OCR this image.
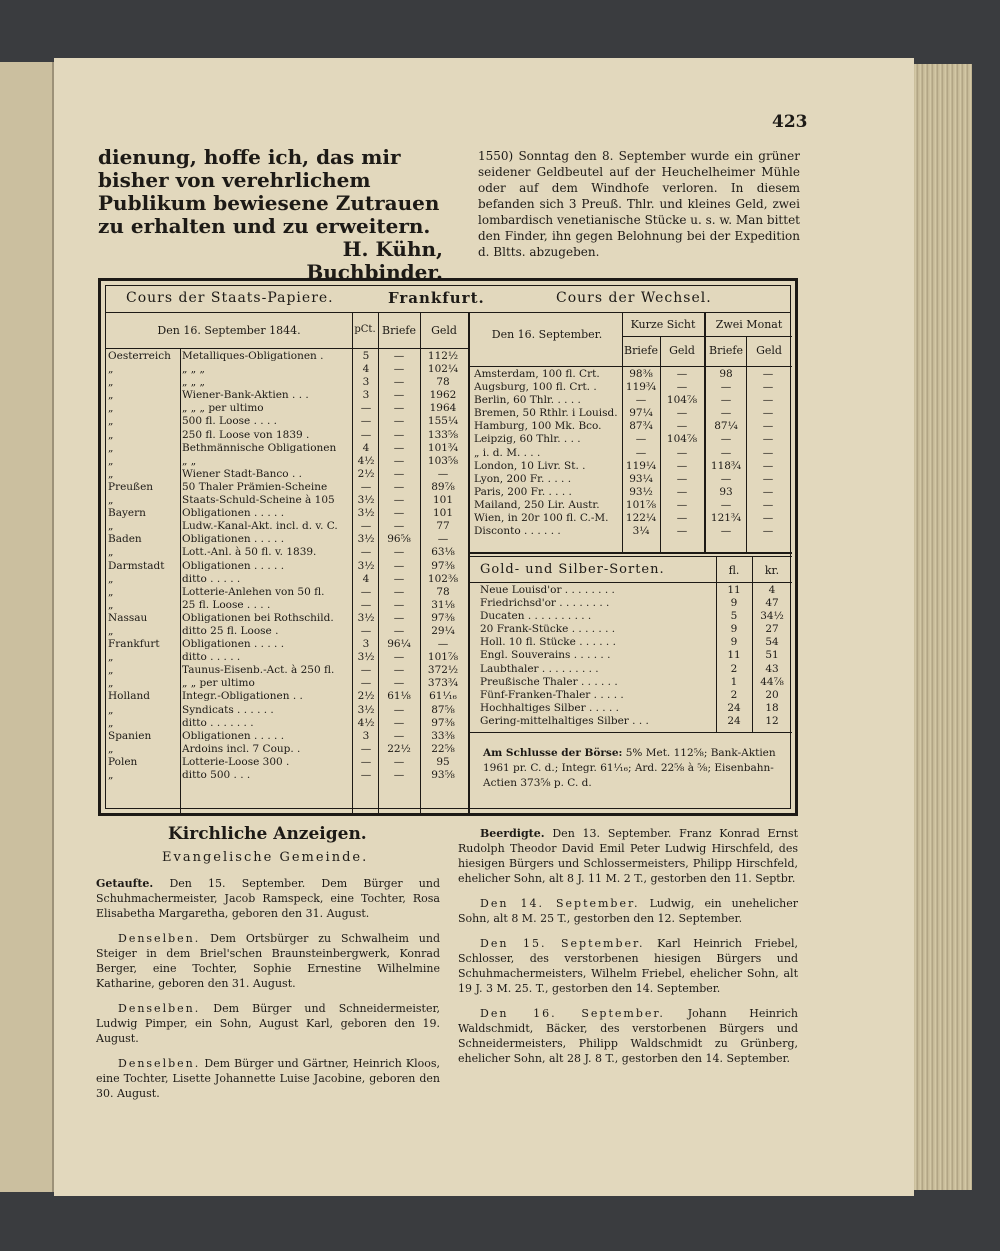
423
dienung, hoffe ich, das mir bisher von verehrlichem Publikum bewiesene Zutrauen zu erhalten und zu erweitern.
H. Kühn,
Buchbinder.
1550) Sonntag den 8. September wurde ein grüner seidener Geldbeutel auf der Heuchelheimer Mühle oder auf dem Windhofe verloren. In diesem befanden sich 3 Preuß. Thlr. und kleines Geld, zwei lombardisch venetianische Stücke u. s. w. Man bittet den Finder, ihn gegen Belohnung bei der Expedition d. Bltts. abzugeben.
Cours der Staats-Papiere.	Frankfurt.	Cours der Wechsel.
Den 16. September 1844.	pCt. Briefe	Geld
Oesterreich	Metalliques-Obligationen .	5	—	112½
„	„ „ „	4	—	102¼
„	„ „ „	3	—	78
„	Wiener-Bank-Aktien . . .	3	—	1962
„	„ „ „ per ultimo	—	—	1964
„	500 fl. Loose . . . .	—	—	155¼
„	250 fl. Loose von 1839 .	—	—	133⅝
„	Bethmännische Obligationen	4	—	101¾
„	„ „	4½	—	103⅝
„	Wiener Stadt-Banco . .	2½	—	—
Preußen	50 Thaler Prämien-Scheine	—	—	89⅞
„	Staats-Schuld-Scheine à 105	3½	—	101
Bayern	Obligationen . . . . .	3½	—	101
„	Ludw.-Kanal-Akt. incl. d. v. C.	—	—	77
Baden	Obligationen . . . . .	3½	96⅝	—
„	Lott.-Anl. à 50 fl. v. 1839.	—	—	63⅛
Darmstadt	Obligationen . . . . .	3½	—	97⅜
„	ditto . . . . .	4	—	102⅜
„	Lotterie-Anlehen von 50 fl.	—	—	78
„	25 fl. Loose . . . .	—	—	31⅛
Nassau	Obligationen bei Rothschild.	3½	—	97⅜
„	ditto 25 fl. Loose .	—	—	29¼
Frankfurt	Obligationen . . . . .	3	96¼	—
„	ditto . . . . .	3½	—	101⅞
„	Taunus-Eisenb.-Act. à 250 fl.	—	—	372½
„	„ „ per ultimo	—	—	373¾
Holland	Integr.-Obligationen . .	2½	61⅛	61¹⁄₁₆
„	Syndicats . . . . . .	3½	—	87⅝
„	ditto . . . . . . .	4½	—	97⅜
Spanien	Obligationen . . . . .	3	—	33⅜
„	Ardoins incl. 7 Coup. .	—	22½	22⅝
Polen	Lotterie-Loose 300 .	—	—	95
„	ditto 500 . . .	—	—	93⅝
Den 16. September.
Kurze Sicht	Zwei Monat
Briefe	Geld	Briefe	Geld
Amsterdam, 100 fl. Crt.	98⅜	—	98	—
Augsburg, 100 fl. Crt. .	119¾	—	—	—
Berlin, 60 Thlr. . . . .	—	104⅞	—	—
Bremen, 50 Rthlr. i Louisd.	97¼	—	—	—
Hamburg, 100 Mk. Bco.	87¾	—	87¼	—
Leipzig, 60 Thlr. . . .	—	104⅞	—	—
„ i. d. M. . . .	—	—	—	—
London, 10 Livr. St. .	119¼	—	118¾	—
Lyon, 200 Fr. . . . .	93¼	—	—	—
Paris, 200 Fr. . . . .	93½	—	93	—
Mailand, 250 Lir. Austr.	101⅞	—	—	—
Wien, in 20r 100 fl. C.-M.	122¼	—	121¾	—
Disconto . . . . . .	3¼	—	—	—
Gold- und Silber-Sorten.	fl.	kr.
Neue Louisd'or . . . . . . . .	11	4
Friedrichsd'or . . . . . . . .	9	47
Ducaten . . . . . . . . . .	5	34½
20 Frank-Stücke . . . . . . .	9	27
Holl. 10 fl. Stücke . . . . . .	9	54
Engl. Souverains . . . . . .	11	51
Laubthaler . . . . . . . . .	2	43
Preußische Thaler . . . . . .	1	44⅞
Fünf-Franken-Thaler . . . . .	2	20
Hochhaltiges Silber . . . . .	24	18
Gering-mittelhaltiges Silber . . .	24	12
Am Schlusse der Börse: 5% Met. 112⅝; Bank-Aktien 1961 pr. C. d.; Integr. 61¹⁄₁₆; Ard. 22⅝ à ⅝; Eisenbahn-Actien 373⅝ p. C. d.
Kirchliche Anzeigen.
Evangelische Gemeinde.

Getaufte. Den 15. September. Dem Bürger und Schuhmachermeister, Jacob Ramspeck, eine Tochter, Rosa Elisabetha Margaretha, geboren den 31. August.

Denselben. Dem Ortsbürger zu Schwalheim und Steiger in dem Briel'schen Braunsteinbergwerk, Konrad Berger, eine Tochter, Sophie Ernestine Wilhelmine Katharine, geboren den 31. August.

Denselben. Dem Bürger und Schneidermeister, Ludwig Pimper, ein Sohn, August Karl, geboren den 19. August.

Denselben. Dem Bürger und Gärtner, Heinrich Kloos, eine Tochter, Lisette Johannette Luise Jacobine, geboren den 30. August.

Beerdigte. Den 13. September. Franz Konrad Ernst Rudolph Theodor David Emil Peter Ludwig Hirschfeld, des hiesigen Bürgers und Schlossermeisters, Philipp Hirschfeld, ehelicher Sohn, alt 8 J. 11 M. 2 T., gestorben den 11. Septbr.

Den 14. September. Ludwig, ein unehelicher Sohn, alt 8 M. 25 T., gestorben den 12. September.

Den 15. September. Karl Heinrich Friebel, Schlosser, des verstorbenen hiesigen Bürgers und Schuhmachermeisters, Wilhelm Friebel, ehelicher Sohn, alt 19 J. 3 M. 25. T., gestorben den 14. September.

Den 16. September. Johann Heinrich Waldschmidt, Bäcker, des verstorbenen Bürgers und Schneidermeisters, Philipp Waldschmidt zu Grünberg, ehelicher Sohn, alt 28 J. 8 T., gestorben den 14. September.
